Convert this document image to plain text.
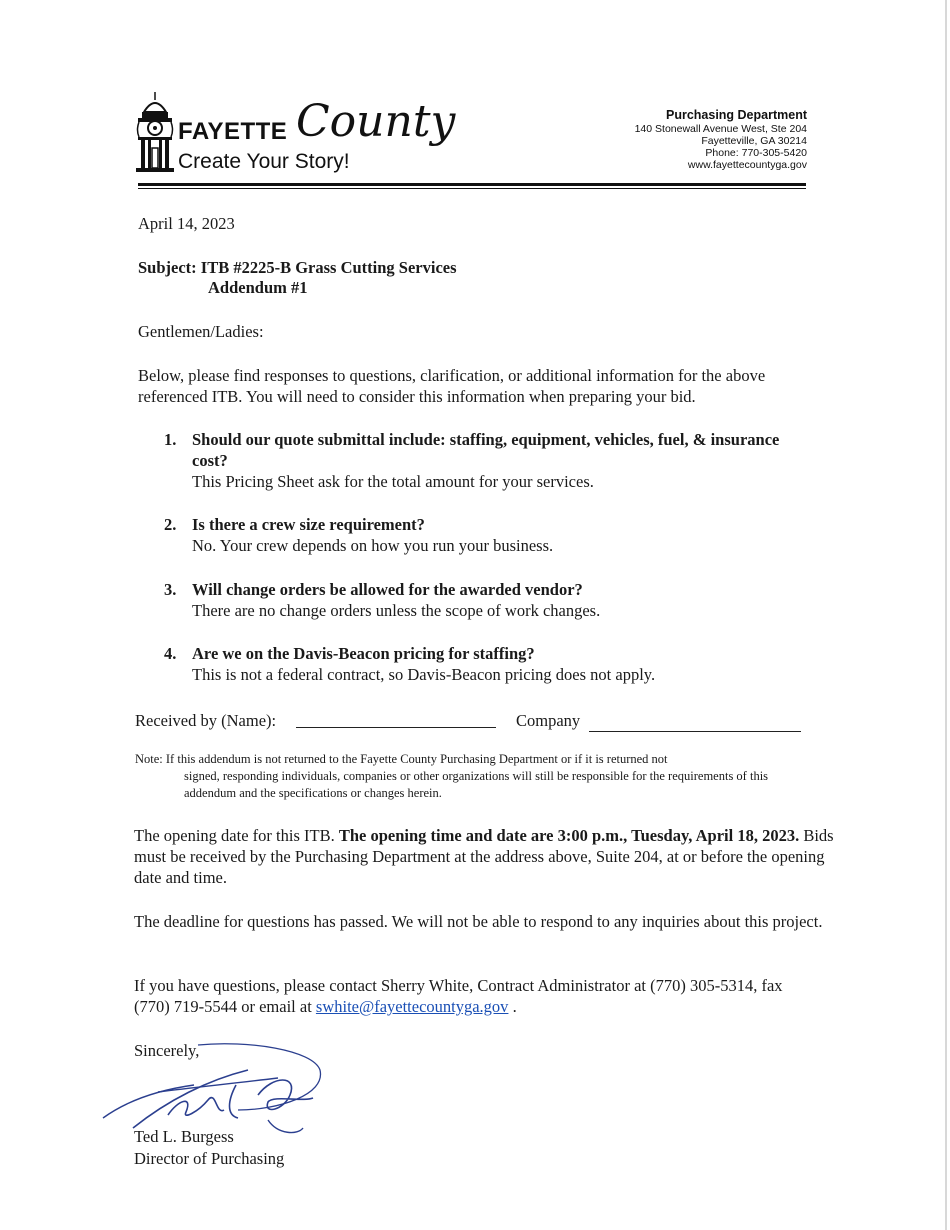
FAYETTE County
Create Your Story!
Purchasing Department
140 Stonewall Avenue West, Ste 204
Fayetteville, GA 30214
Phone: 770-305-5420
www.fayettecountyga.gov
April 14, 2023
Subject: ITB #2225-B Grass Cutting Services
Addendum #1
Gentlemen/Ladies:
Below, please find responses to questions, clarification, or additional information for the above referenced ITB. You will need to consider this information when preparing your bid.
1. Should our quote submittal include: staffing, equipment, vehicles, fuel, & insurance cost?
This Pricing Sheet ask for the total amount for your services.
2. Is there a crew size requirement?
No. Your crew depends on how you run your business.
3. Will change orders be allowed for the awarded vendor?
There are no change orders unless the scope of work changes.
4. Are we on the Davis-Beacon pricing for staffing?
This is not a federal contract, so Davis-Beacon pricing does not apply.
Received by (Name):	Company
Note: If this addendum is not returned to the Fayette County Purchasing Department or if it is returned not
signed, responding individuals, companies or other organizations will still be responsible for the requirements of this addendum and the specifications or changes herein.
The opening date for this ITB. The opening time and date are 3:00 p.m., Tuesday, April 18, 2023. Bids must be received by the Purchasing Department at the address above, Suite 204, at or before the opening date and time.
The deadline for questions has passed. We will not be able to respond to any inquiries about this project.
If you have questions, please contact Sherry White, Contract Administrator at (770) 305-5314, fax (770) 719-5544 or email at swhite@fayettecountyga.gov .
Sincerely,
Ted L. Burgess
Director of Purchasing
